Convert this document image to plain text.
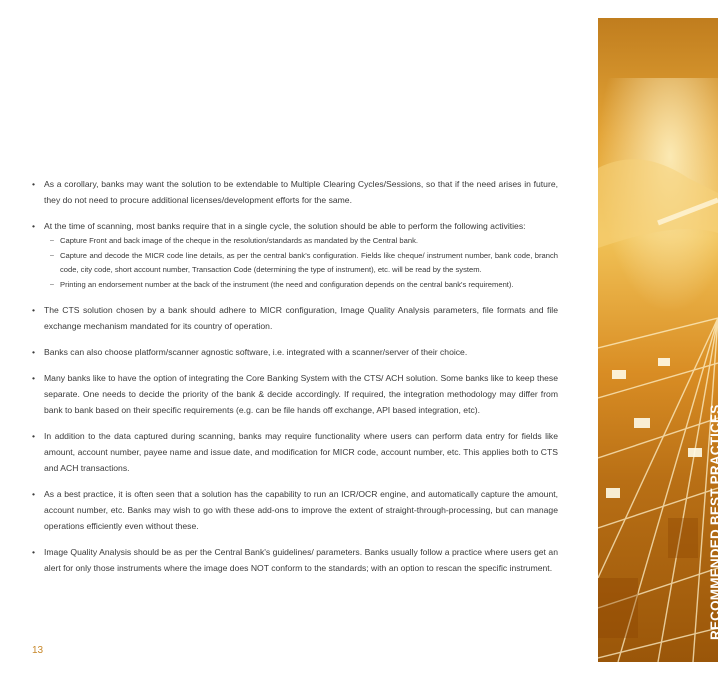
RECOMMENDED BEST PRACTICES
• As a corollary, banks may want the solution to be extendable to Multiple Clearing Cycles/Sessions, so that if the need arises in future, they do not need to procure additional licenses/development efforts for the same.
• At the time of scanning, most banks require that in a single cycle, the solution should be able to perform the following activities:
– Capture Front and back image of the cheque in the resolution/standards as mandated by the Central bank.
– Capture and decode the MICR code line details, as per the central bank's configuration. Fields like cheque/ instrument number, bank code, branch code, city code, short account number, Transaction Code (determining the type of instrument), etc. will be read by the system.
– Printing an endorsement number at the back of the instrument (the need and configuration depends on the central bank's requirement).
• The CTS solution chosen by a bank should adhere to MICR configuration, Image Quality Analysis parameters, file formats and file exchange mechanism mandated for its country of operation.
• Banks can also choose platform/scanner agnostic software, i.e. integrated with a scanner/server of their choice.
• Many banks like to have the option of integrating the Core Banking System with the CTS/ ACH solution. Some banks like to keep these separate. One needs to decide the priority of the bank & decide accordingly. If required, the integration methodology may differ from bank to bank based on their specific requirements (e.g. can be file hands off exchange, API based integration, etc).
• In addition to the data captured during scanning, banks may require functionality where users can perform data entry for fields like amount, account number, payee name and issue date, and modification for MICR code, account number, etc. This applies both to CTS and ACH transactions.
• As a best practice, it is often seen that a solution has the capability to run an ICR/OCR engine, and automatically capture the amount, account number, etc. Banks may wish to go with these add-ons to improve the extent of straight-through-processing, but can manage operations efficiently even without these.
• Image Quality Analysis should be as per the Central Bank's guidelines/ parameters. Banks usually follow a practice where users get an alert for only those instruments where the image does NOT conform to the standards; with an option to rescan the specific instrument.
13
